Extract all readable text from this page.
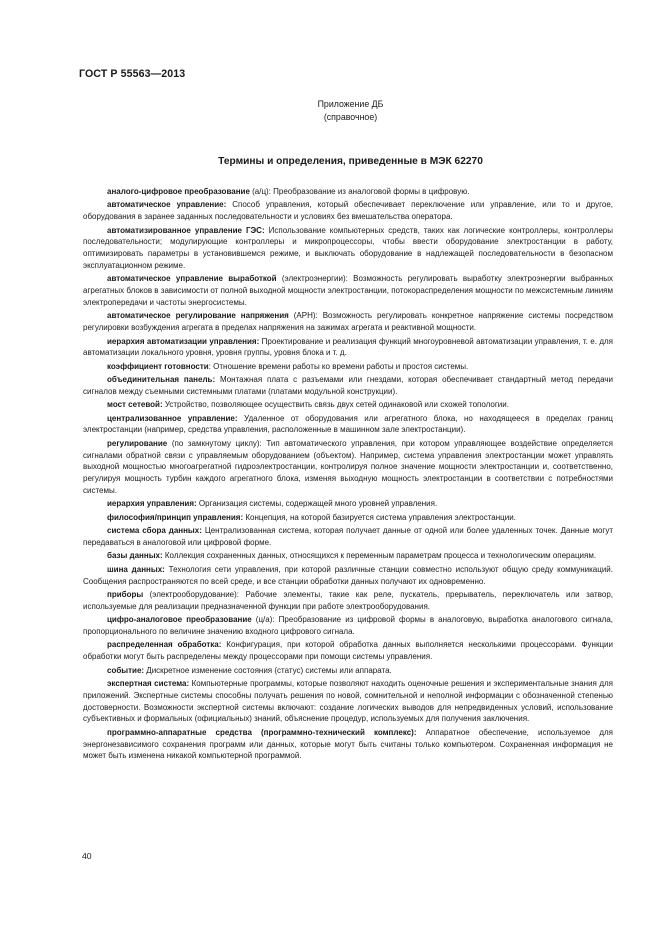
ГОСТ Р 55563—2013
Приложение ДБ
(справочное)
Термины и определения, приведенные в МЭК 62270

аналого-цифровое преобразование (а/ц): Преобразование из аналоговой формы в цифровую.

автоматическое управление: Способ управления, который обеспечивает переключение или управление, или то и другое, оборудования в заранее заданных последовательности и условиях без вмешательства оператора.

автоматизированное управление ГЭС: Использование компьютерных средств, таких как логические контроллеры, контроллеры последовательности; модулирующие контроллеры и микропроцессоры, чтобы ввести оборудование электростанции в работу, оптимизировать параметры в установившемся режиме, и выключать оборудование в надлежащей последовательности в безопасном эксплуатационном режиме.

автоматическое управление выработкой (электроэнергии): Возможность регулировать выработку электроэнергии выбранных агрегатных блоков в зависимости от полной выходной мощности электростанции, потокораспределения мощности по межсистемным линиям электропередачи и частоты энергосистемы.

автоматическое регулирование напряжения (АРН): Возможность регулировать конкретное напряжение системы посредством регулировки возбуждения агрегата в пределах напряжения на зажимах агрегата и реактивной мощности.

иерархия автоматизации управления: Проектирование и реализация функций многоуровневой автоматизации управления, т. е. для автоматизации локального уровня, уровня группы, уровня блока и т. д.

коэффициент готовности: Отношение времени работы ко времени работы и простоя системы.

объединительная панель: Монтажная плата с разъемами или гнездами, которая обеспечивает стандартный метод передачи сигналов между съемными системными платами (платами модульной конструкции).

мост сетевой: Устройство, позволяющее осуществить связь двух сетей одинаковой или схожей топологии.

централизованное управление: Удаленное от оборудования или агрегатного блока, но находящееся в пределах границ электростанции (например, средства управления, расположенные в машинном зале электростанции).

регулирование (по замкнутому циклу): Тип автоматического управления, при котором управляющее воздействие определяется сигналами обратной связи с управляемым оборудованием (объектом). Например, система управления электростанции может управлять выходной мощностью многоагрегатной гидроэлектростанции, контролируя полное значение мощности электростанции и, соответственно, регулируя мощность турбин каждого агрегатного блока, изменяя выходную мощность электростанции в соответствии с потребностями системы.

иерархия управления: Организация системы, содержащей много уровней управления.

философия/принцип управления: Концепция, на которой базируется система управления электростанции.

система сбора данных: Централизованная система, которая получает данные от одной или более удаленных точек. Данные могут передаваться в аналоговой или цифровой форме.

базы данных: Коллекция сохраненных данных, относящихся к переменным параметрам процесса и технологическим операциям.

шина данных: Технология сети управления, при которой различные станции совместно используют общую среду коммуникаций. Сообщения распространяются по всей среде, и все станции обработки данных получают их одновременно.

приборы (электрооборудование): Рабочие элементы, такие как реле, пускатель, прерыватель, переключатель или затвор, используемые для реализации предназначенной функции при работе электрооборудования.

цифро-аналоговое преобразование (ц/а): Преобразование из цифровой формы в аналоговую, выработка аналогового сигнала, пропорционального по величине значению входного цифрового сигнала.

распределенная обработка: Конфигурация, при которой обработка данных выполняется несколькими процессорами. Функции обработки могут быть распределены между процессорами при помощи системы управления.

событие: Дискретное изменение состояния (статус) системы или аппарата.

экспертная система: Компьютерные программы, которые позволяют находить оценочные решения и экспериментальные знания для приложений. Экспертные системы способны получать решения по новой, сомнительной и неполной информации с обозначенной степенью достоверности. Возможности экспертной системы включают: создание логических выводов для непредвиденных условий, использование субъективных и формальных (официальных) знаний, объяснение процедур, используемых для получения заключения.

программно-аппаратные средства (программно-технический комплекс): Аппаратное обеспечение, используемое для энергонезависимого сохранения программ или данных, которые могут быть считаны только компьютером. Сохраненная информация не может быть изменена никакой компьютерной программой.

40
